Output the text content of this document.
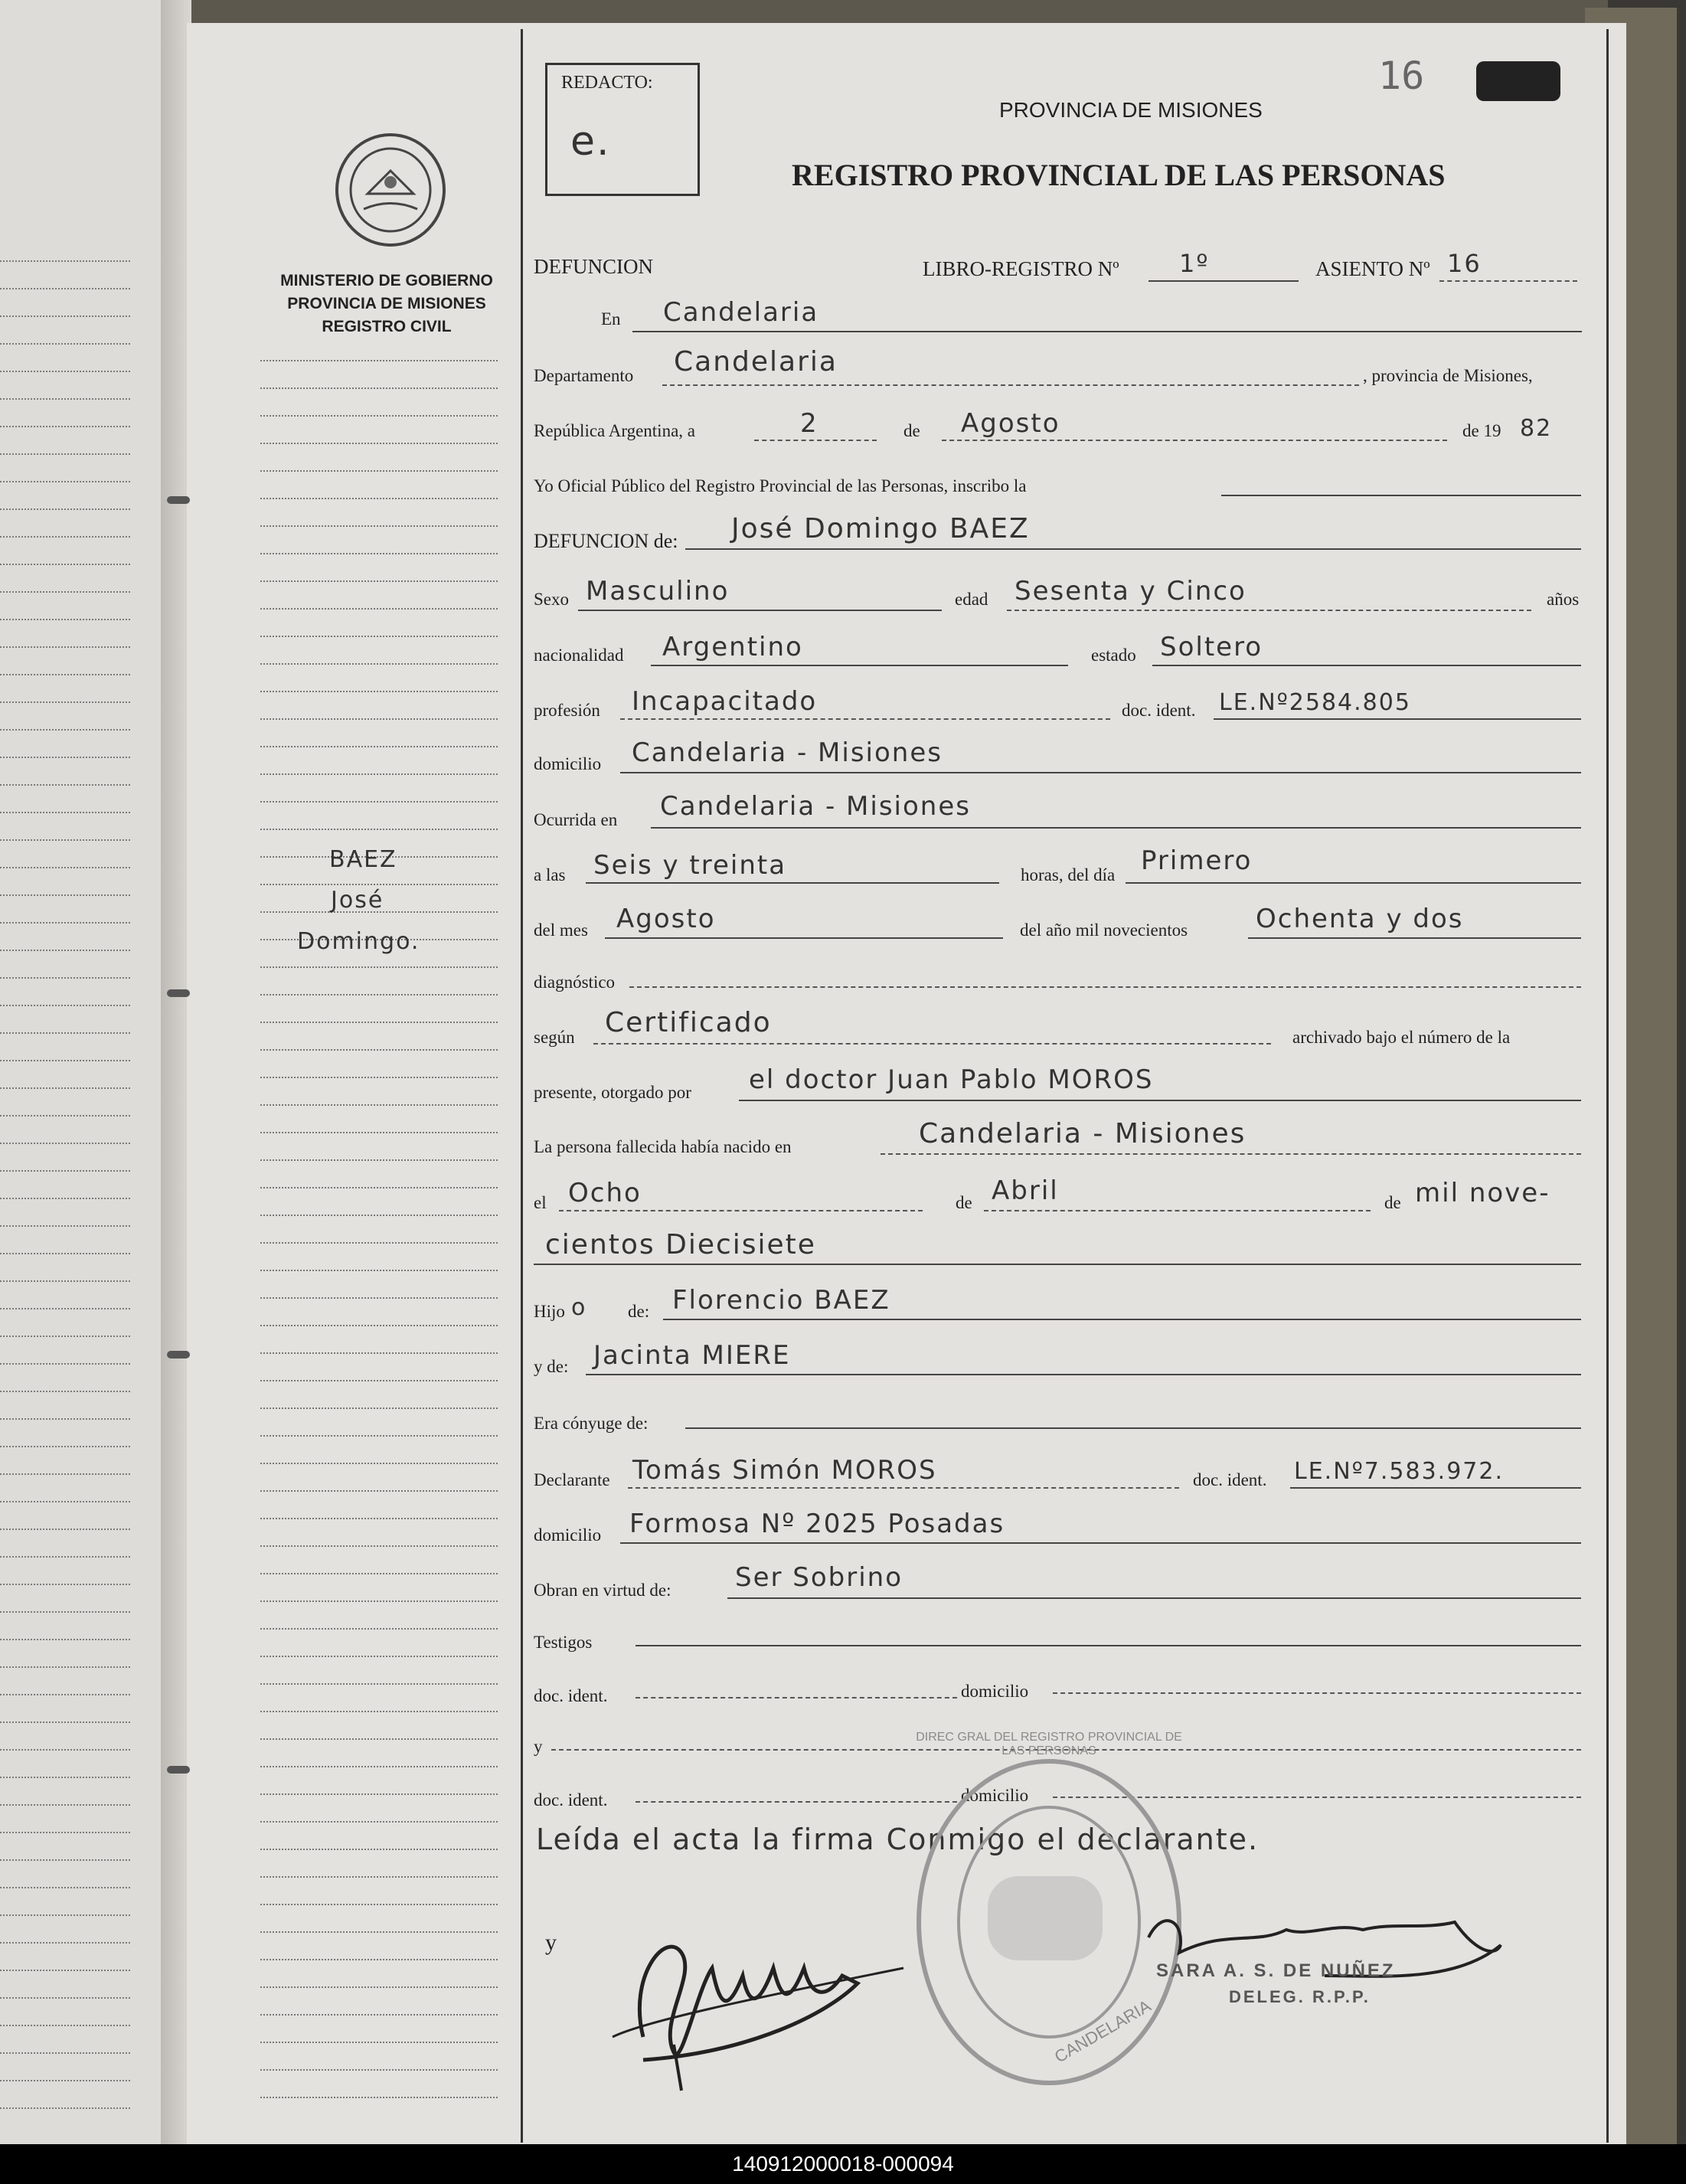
MINISTERIO DE GOBIERNO
PROVINCIA DE MISIONES
REGISTRO CIVIL
BAEZ
José
Domingo.
REDACTO:
e.
16
PROVINCIA DE MISIONES
REGISTRO PROVINCIAL DE LAS PERSONAS
DEFUNCION	LIBRO-REGISTRO Nº 1º	ASIENTO Nº 16
En Candelaria
Departamento Candelaria	, provincia de Misiones,
República Argentina, a	2	de Agosto	de 19 82
Yo Oficial Público del Registro Provincial de las Personas, inscribo la
DEFUNCION de: José Domingo BAEZ
Sexo Masculino	edad Sesenta y Cinco	años
nacionalidad Argentino	estado Soltero
profesión Incapacitado	doc. ident. LE.Nº2584.805
domicilio Candelaria - Misiones
Ocurrida en Candelaria - Misiones
a las Seis y treinta	horas, del día Primero
del mes Agosto	del año mil novecientos	Ochenta y dos
diagnóstico
según Certificado	archivado bajo el número de la
presente, otorgado por el doctor Juan Pablo MOROS
La persona fallecida había nacido en	Candelaria - Misiones
el Ocho	de Abril	de mil nove-
cientos Diecisiete
Hijo o de: Florencio BAEZ
y de: Jacinta MIERE
Era cónyuge de:
Declarante Tomás Simón MOROS	doc. ident. LE.Nº7.583.972.
domicilio Formosa Nº 2025 Posadas
Obran en virtud de: Ser Sobrino
Testigos
doc. ident.	domicilio
y
doc. ident.	domicilio
Leída el acta la firma Conmigo el declarante.
y
CANDELARIA
DIREC GRAL DEL REGISTRO PROVINCIAL DE LAS PERSONAS
SARA A. S. DE NUÑEZ
DELEG. R.P.P.
140912000018-000094
